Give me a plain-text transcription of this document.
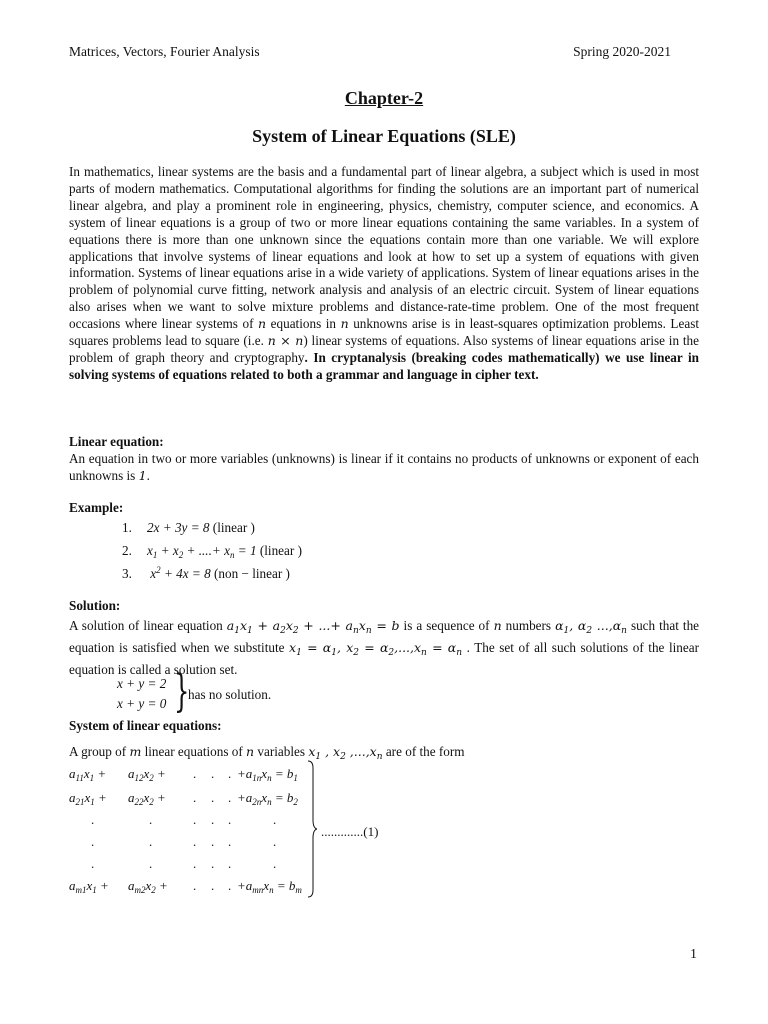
Matrices, Vectors, Fourier Analysis	Spring 2020-2021
Chapter-2
System of Linear Equations (SLE)
In mathematics, linear systems are the basis and a fundamental part of linear algebra, a subject which is used in most parts of modern mathematics. Computational algorithms for finding the solutions are an important part of numerical linear algebra, and play a prominent role in engineering, physics, chemistry, computer science, and economics. A system of linear equations is a group of two or more linear equations containing the same variables. In a system of equations there is more than one unknown since the equations contain more than one variable. We will explore applications that involve systems of linear equations and look at how to set up a system of equations with given information. Systems of linear equations arise in a wide variety of applications. System of linear equations arises in the problem of polynomial curve fitting, network analysis and analysis of an electric circuit. System of linear equations also arises when we want to solve mixture problems and distance-rate-time problem. One of the most frequent occasions where linear systems of n equations in n unknowns arise is in least-squares optimization problems. Least squares problems lead to square (i.e. n × n) linear systems of equations. Also systems of linear equations arise in the problem of graph theory and cryptography. In cryptanalysis (breaking codes mathematically) we use linear in solving systems of equations related to both a grammar and language in cipher text.
Linear equation:
An equation in two or more variables (unknowns) is linear if it contains no products of unknowns or exponent of each unknowns is 1.
Example:
1. 2x + 3y = 8 (linear )
2. $x_1 + x_2$ + ....+ $x_n = 1$ (linear )
3. $x^2 + 4x = 8$ (non − linear )
Solution:
A solution of linear equation $a_1x_1 + a_2x_2$ + ...+ $a_nx_n = b$ is a sequence of n numbers $\alpha_1$, $\alpha_2$ $...,\alpha_n$ such that the equation is satisfied when we substitute $x_1 = \alpha_1$, $x_2 = \alpha_2,...,x_n = \alpha_n$ . The set of all such solutions of the linear equation is called a solution set.
x + y = 2
x + y = 0 }
has no solution.
System of linear equations:
A group of m linear equations of n variables $x_1$ , $x_2$ $,...,x_n$ are of the form
$a_{11}x_1 + a_{12}x_2$ + . . . $+a_{1n}x_n = b_1$
$a_{21}x_1 + a_{22}x_2$ + . . . $+a_{2n}x_n = b_2$
.	.	. . .	.
.	.	. . .	.
.	.	. . .	.
$a_{m1}x_1 + a_{m2}x_2$ + . . . $+a_{mn}x_n = b_m$
.............(1)
1
